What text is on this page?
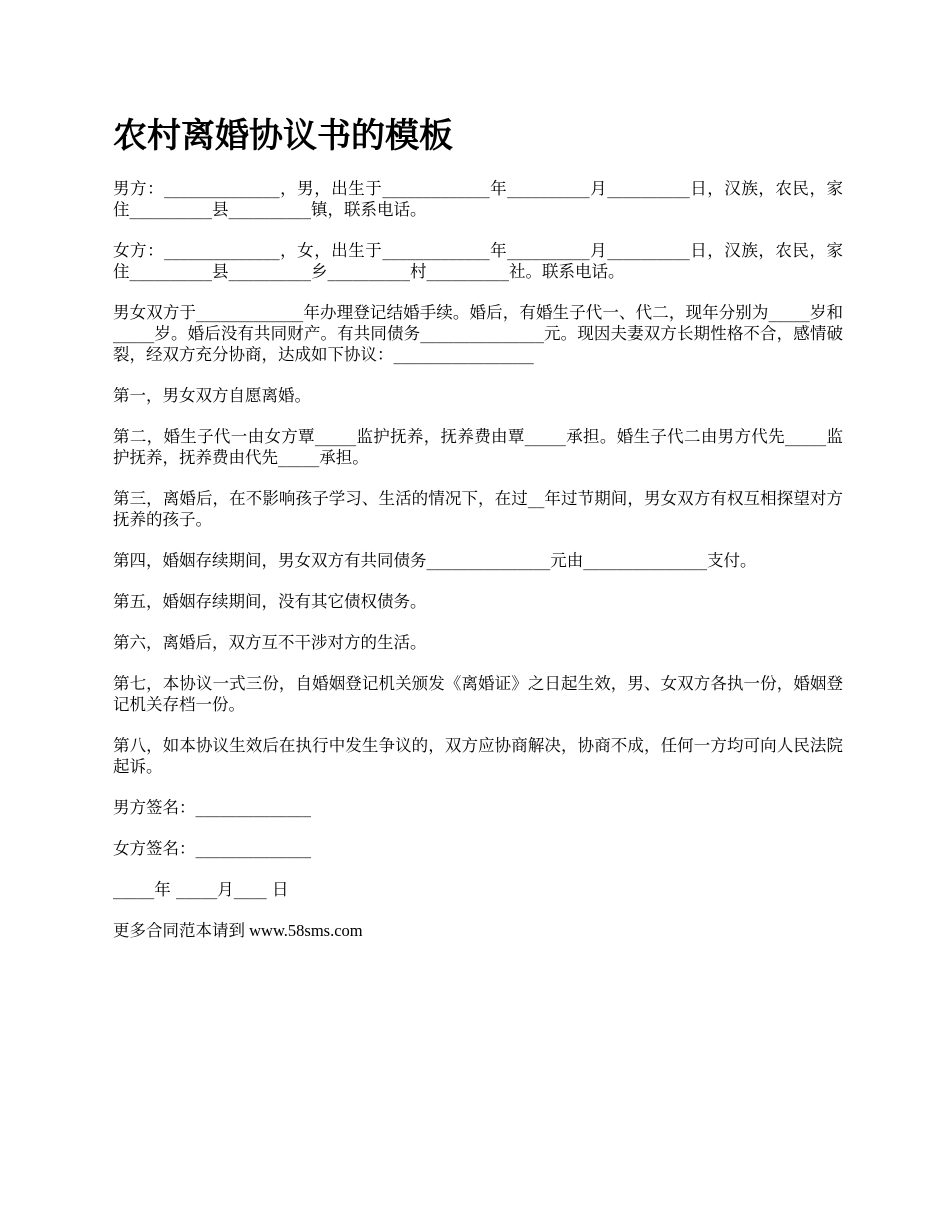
农村离婚协议书的模板

男方：______________，男，出生于_____________年__________月__________日，汉族，农民，家住__________县__________镇，联系电话。

女方：______________，女，出生于_____________年__________月__________日，汉族，农民，家住__________县__________乡__________村__________社。联系电话。

男女双方于_____________年办理登记结婚手续。婚后，有婚生子代一、代二，现年分别为_____岁和_____岁。婚后没有共同财产。有共同债务_______________元。现因夫妻双方长期性格不合，感情破裂，经双方充分协商，达成如下协议：_________________

第一，男女双方自愿离婚。

第二，婚生子代一由女方覃_____监护抚养，抚养费由覃_____承担。婚生子代二由男方代先_____监护抚养，抚养费由代先_____承担。

第三，离婚后，在不影响孩子学习、生活的情况下，在过__年过节期间，男女双方有权互相探望对方抚养的孩子。

第四，婚姻存续期间，男女双方有共同债务_______________元由_______________支付。

第五，婚姻存续期间，没有其它债权债务。

第六，离婚后，双方互不干涉对方的生活。

第七，本协议一式三份，自婚姻登记机关颁发《离婚证》之日起生效，男、女双方各执一份，婚姻登记机关存档一份。

第八，如本协议生效后在执行中发生争议的，双方应协商解决，协商不成，任何一方均可向人民法院起诉。

男方签名：______________

女方签名：______________

_____年 _____月____ 日

更多合同范本请到 www.58sms.com
